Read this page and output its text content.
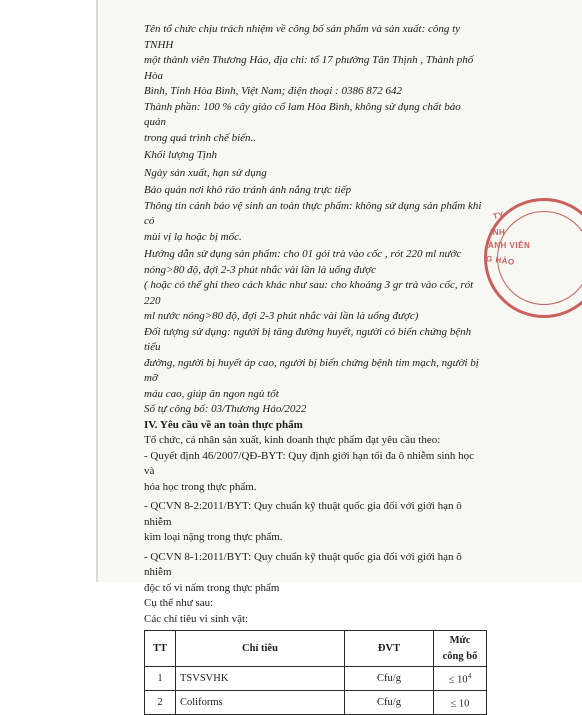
Tên tổ chức chịu trách nhiệm về công bố sản phẩm và sản xuất: công ty TNHH

một thành viên Thương Hảo, địa chỉ: tổ 17 phường Tân Thịnh , Thành phố Hòa

Bình, Tỉnh Hòa Bình, Việt Nam; điện thoại : 0386 872 642

Thành phần: 100 % cây giảo cổ lam Hòa Bình, không sử dụng chất bảo quản

trong quá trình chế biến..

Khối lượng Tịnh

Ngày sản xuất, hạn sử dụng

Bảo quản nơi khô ráo tránh ánh nắng trực tiếp

Thông tin cảnh báo vệ sinh an toàn thực phẩm: không sử dụng sản phẩm khi có

mùi vị lạ hoặc bị mốc.

Hướng dẫn sử dụng sản phẩm: cho 01 gói trà vào cốc , rót 220 ml nước

nóng>80 độ, đợi 2-3 phút nhắc vài lần là uống được

( hoặc có thể ghi theo cách khác như sau: cho khoảng 3 gr trà vào cốc, rót 220

ml nước nóng>80 độ, đợi 2-3 phút nhắc vài lần là uống được)

Đối tượng sử dụng: người bị tăng đường huyết, người có biến chứng bệnh tiểu

đường, người bị huyết áp cao, người bị biến chứng bệnh tim mạch, người bị mỡ

máu cao, giúp ăn ngon ngủ tốt

Số tự công bố: 03/Thương Hảo/2022

IV. Yêu cầu về an toàn thực phẩm

Tổ chức, cá nhân sản xuất, kinh doanh thực phẩm đạt yêu cầu theo:

- Quyết định 46/2007/QĐ-BYT: Quy định giới hạn tối đa ô nhiễm sinh học và

hóa học trong thực phẩm.

- QCVN 8-2:2011/BYT: Quy chuẩn kỹ thuật quốc gia đối với giới hạn ô nhiễm

kim loại nặng trong thực phẩm.

- QCVN 8-1:2011/BYT: Quy chuẩn kỹ thuật quốc gia đối với giới hạn ô nhiễm

độc tố vi nấm trong thực phẩm

Cụ thể như sau:

Các chỉ tiêu vi sinh vật:

TT	Chỉ tiêu	ĐVT	Mức công bố
1	TSVSVHK	Cfu/g	≤ $10^4$
2	Coliforms	Cfu/g	≤ 10
TY
INH
ÀNH VIÊN
G HẢO
